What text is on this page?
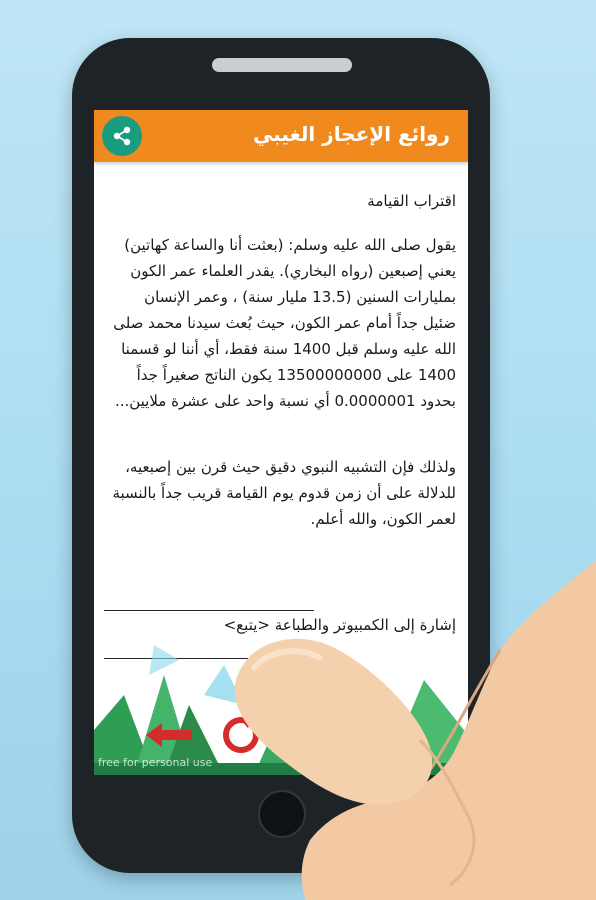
روائع الإعجاز الغيبي

اقتراب القيامة

يقول صلى الله عليه وسلم: (بعثت أنا والساعة كهاتين) يعني إصبعين (رواه البخاري). يقدر العلماء عمر الكون بمليارات السنين (13.5 مليار سنة) ، وعمر الإنسان ضئيل جداً أمام عمر الكون، حيث بُعث سيدنا محمد صلى الله عليه وسلم قبل 1400 سنة فقط، أي أننا لو قسمنا 1400 على 13500000000 يكون الناتج صغيراً جداً بحدود 0.0000001 أي نسبة واحد على عشرة ملايين...

ولذلك فإن التشبيه النبوي دقيق حيث قرن بين إصبعيه، للدلالة على أن زمن قدوم يوم القيامة قريب جداً بالنسبة لعمر الكون، والله أعلم.

إشارة إلى الكمبيوتر والطباعة <يتبع>
free for personal use
